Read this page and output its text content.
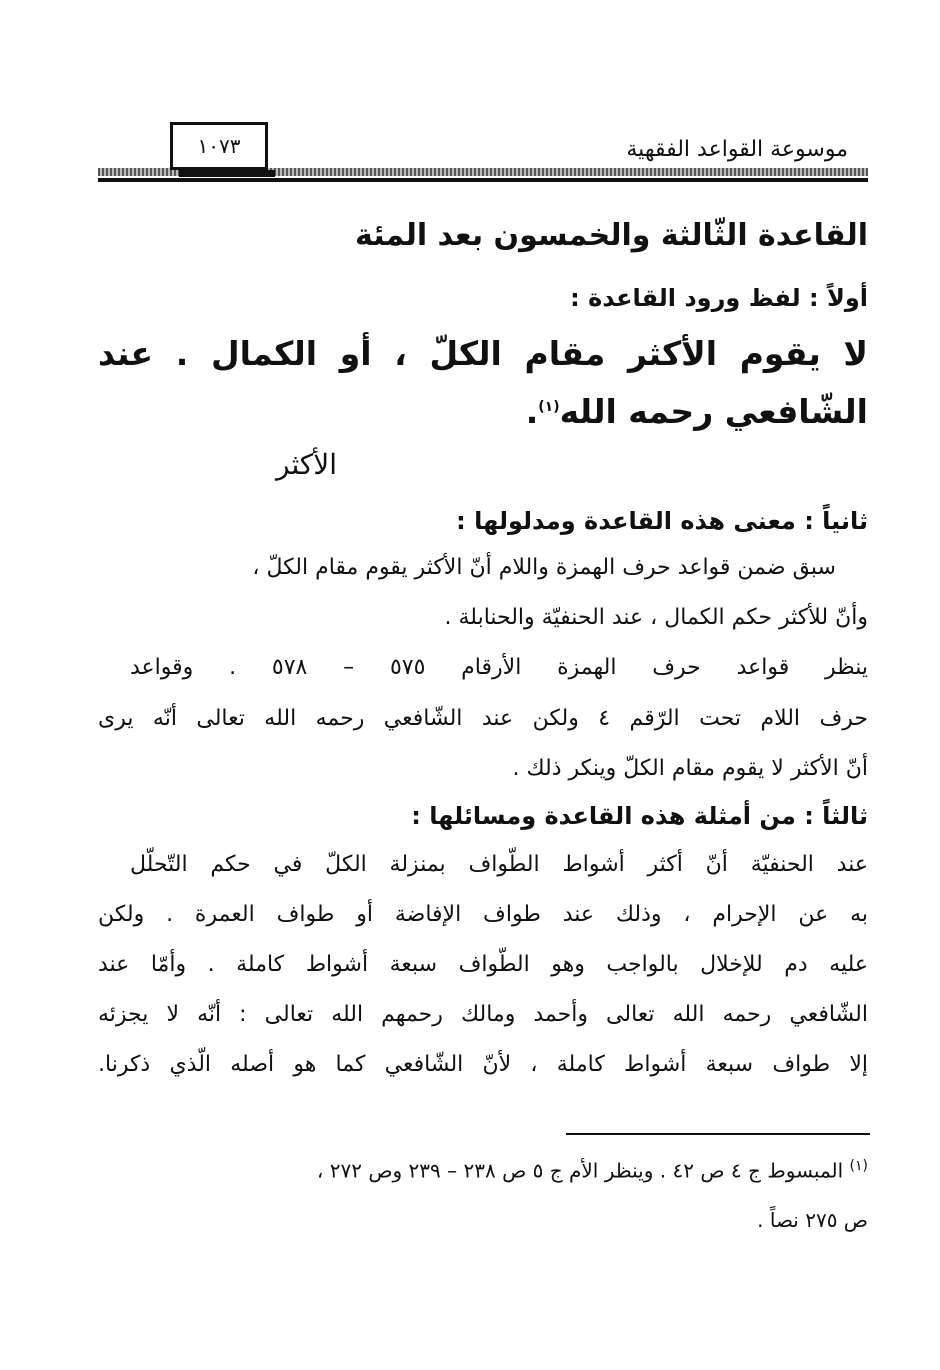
موسوعة القواعد الفقهية
١٠٧٣
القاعدة الثّالثة والخمسون بعد المئة
أولاً : لفظ ورود القاعدة :
لا يقوم الأكثر مقام الكلّ ، أو الكمال . عند
الشّافعي رحمه الله$^{(١)}$.
الأكثر
ثانياً : معنى هذه القاعدة ومدلولها :
سبق ضمن قواعد حرف الهمزة واللام أنّ الأكثر يقوم مقام الكلّ ،
وأنّ للأكثر حكم الكمال ، عند الحنفيّة والحنابلة .
ينظر قواعد حرف الهمزة الأرقام ٥٧٥ – ٥٧٨ . وقواعد
حرف اللام تحت الرّقم ٤ ولكن عند الشّافعي رحمه الله تعالى أنّه يرى
أنّ الأكثر لا يقوم مقام الكلّ وينكر ذلك .
ثالثاً : من أمثلة هذه القاعدة ومسائلها :
عند الحنفيّة أنّ أكثر أشواط الطّواف بمنزلة الكلّ في حكم التّحلّل
به عن الإحرام ، وذلك عند طواف الإفاضة أو طواف العمرة . ولكن
عليه دم للإخلال بالواجب وهو الطّواف سبعة أشواط كاملة . وأمّا عند
الشّافعي رحمه الله تعالى وأحمد ومالك رحمهم الله تعالى : أنّه لا يجزئه
إلا طواف سبعة أشواط كاملة ، لأنّ الشّافعي كما هو أصله الّذي ذكرنا.
$^{(١)}$ المبسوط ج ٤ ص ٤٢ . وينظر الأم ج ٥ ص ٢٣٨ – ٢٣٩ وص ٢٧٢ ،
ص ٢٧٥ نصاً .
